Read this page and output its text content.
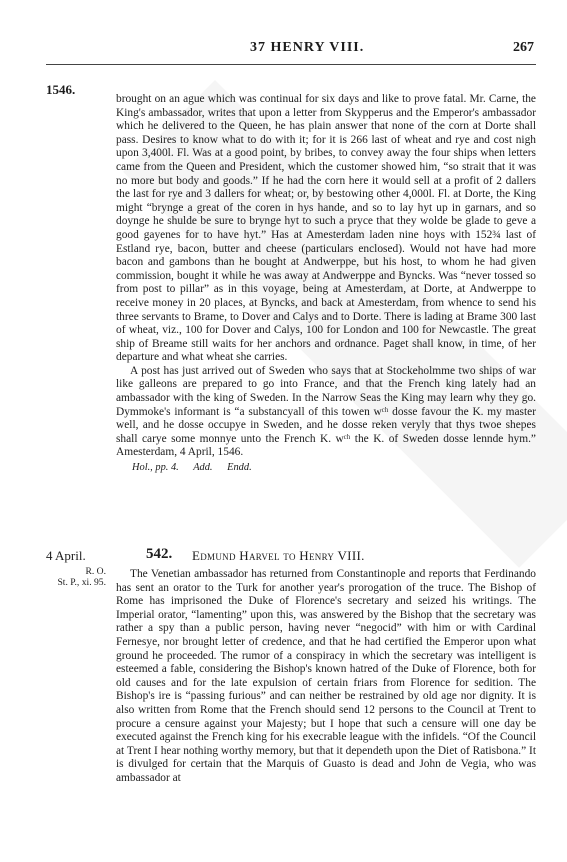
37 HENRY VIII.	267
1546.

brought on an ague which was continual for six days and like to prove fatal. Mr. Carne, the King's ambassador, writes that upon a letter from Skypperus and the Emperor's ambassador which he delivered to the Queen, he has plain answer that none of the corn at Dorte shall pass. Desires to know what to do with it; for it is 266 last of wheat and rye and cost nigh upon 3,400l. Fl. Was at a good point, by bribes, to convey away the four ships when letters came from the Queen and President, which the customer showed him, “so strait that it was no more but body and goods.” If he had the corn here it would sell at a profit of 2 dallers the last for rye and 3 dallers for wheat; or, by bestowing other 4,000l. Fl. at Dorte, the King might “brynge a great of the coren in hys hande, and so to lay hyt up in garnars, and so doynge he shulde be sure to brynge hyt to such a pryce that they wolde be glade to geve a good gayenes for to have hyt.” Has at Amesterdam laden nine hoys with 152¾ last of Estland rye, bacon, butter and cheese (particulars enclosed). Would not have had more bacon and gambons than he bought at Andwerppe, but his host, to whom he had given commission, bought it while he was away at Andwerppe and Byncks. Was “never tossed so from post to pillar” as in this voyage, being at Amesterdam, at Dorte, at Andwerppe to receive money in 20 places, at Byncks, and back at Amesterdam, from whence to send his three servants to Brame, to Dover and Calys and to Dorte. There is lading at Brame 300 last of wheat, viz., 100 for Dover and Calys, 100 for London and 100 for Newcastle. The great ship of Breame still waits for her anchors and ordnance. Paget shall know, in time, of her departure and what wheat she carries.

A post has just arrived out of Sweden who says that at Stockeholmme two ships of war like galleons are prepared to go into France, and that the French king lately had an ambassador with the king of Sweden. In the Narrow Seas the King may learn why they go. Dymmoke's informant is “a substancyall of this towen wᶜʰ dosse favour the K. my master well, and he dosse occupye in Sweden, and he dosse reken veryly that thys twoe shepes shall carye some monnye unto the French K. wᶜʰ the K. of Sweden dosse lennde hym.” Amesterdam, 4 April, 1546.

Hol., pp. 4. Add. Endd.
4 April.	542. Edmund Harvel to Henry VIII.
R. O.
St. P., xi. 95.

The Venetian ambassador has returned from Constantinople and reports that Ferdinando has sent an orator to the Turk for another year's prorogation of the truce. The Bishop of Rome has imprisoned the Duke of Florence's secretary and seized his writings. The Imperial orator, “lamenting” upon this, was answered by the Bishop that the secretary was rather a spy than a public person, having never “negocid” with him or with Cardinal Fernesye, nor brought letter of credence, and that he had certified the Emperor upon what ground he proceeded. The rumor of a conspiracy in which the secretary was intelligent is esteemed a fable, considering the Bishop's known hatred of the Duke of Florence, both for old causes and for the late expulsion of certain friars from Florence for sedition. The Bishop's ire is “passing furious” and can neither be restrained by old age nor dignity. It is also written from Rome that the French should send 12 persons to the Council at Trent to procure a censure against your Majesty; but I hope that such a censure will one day be executed against the French king for his execrable league with the infidels. “Of the Council at Trent I hear nothing worthy memory, but that it dependeth upon the Diet of Ratisbona.” It is divulged for certain that the Marquis of Guasto is dead and John de Vegia, who was ambassador at
